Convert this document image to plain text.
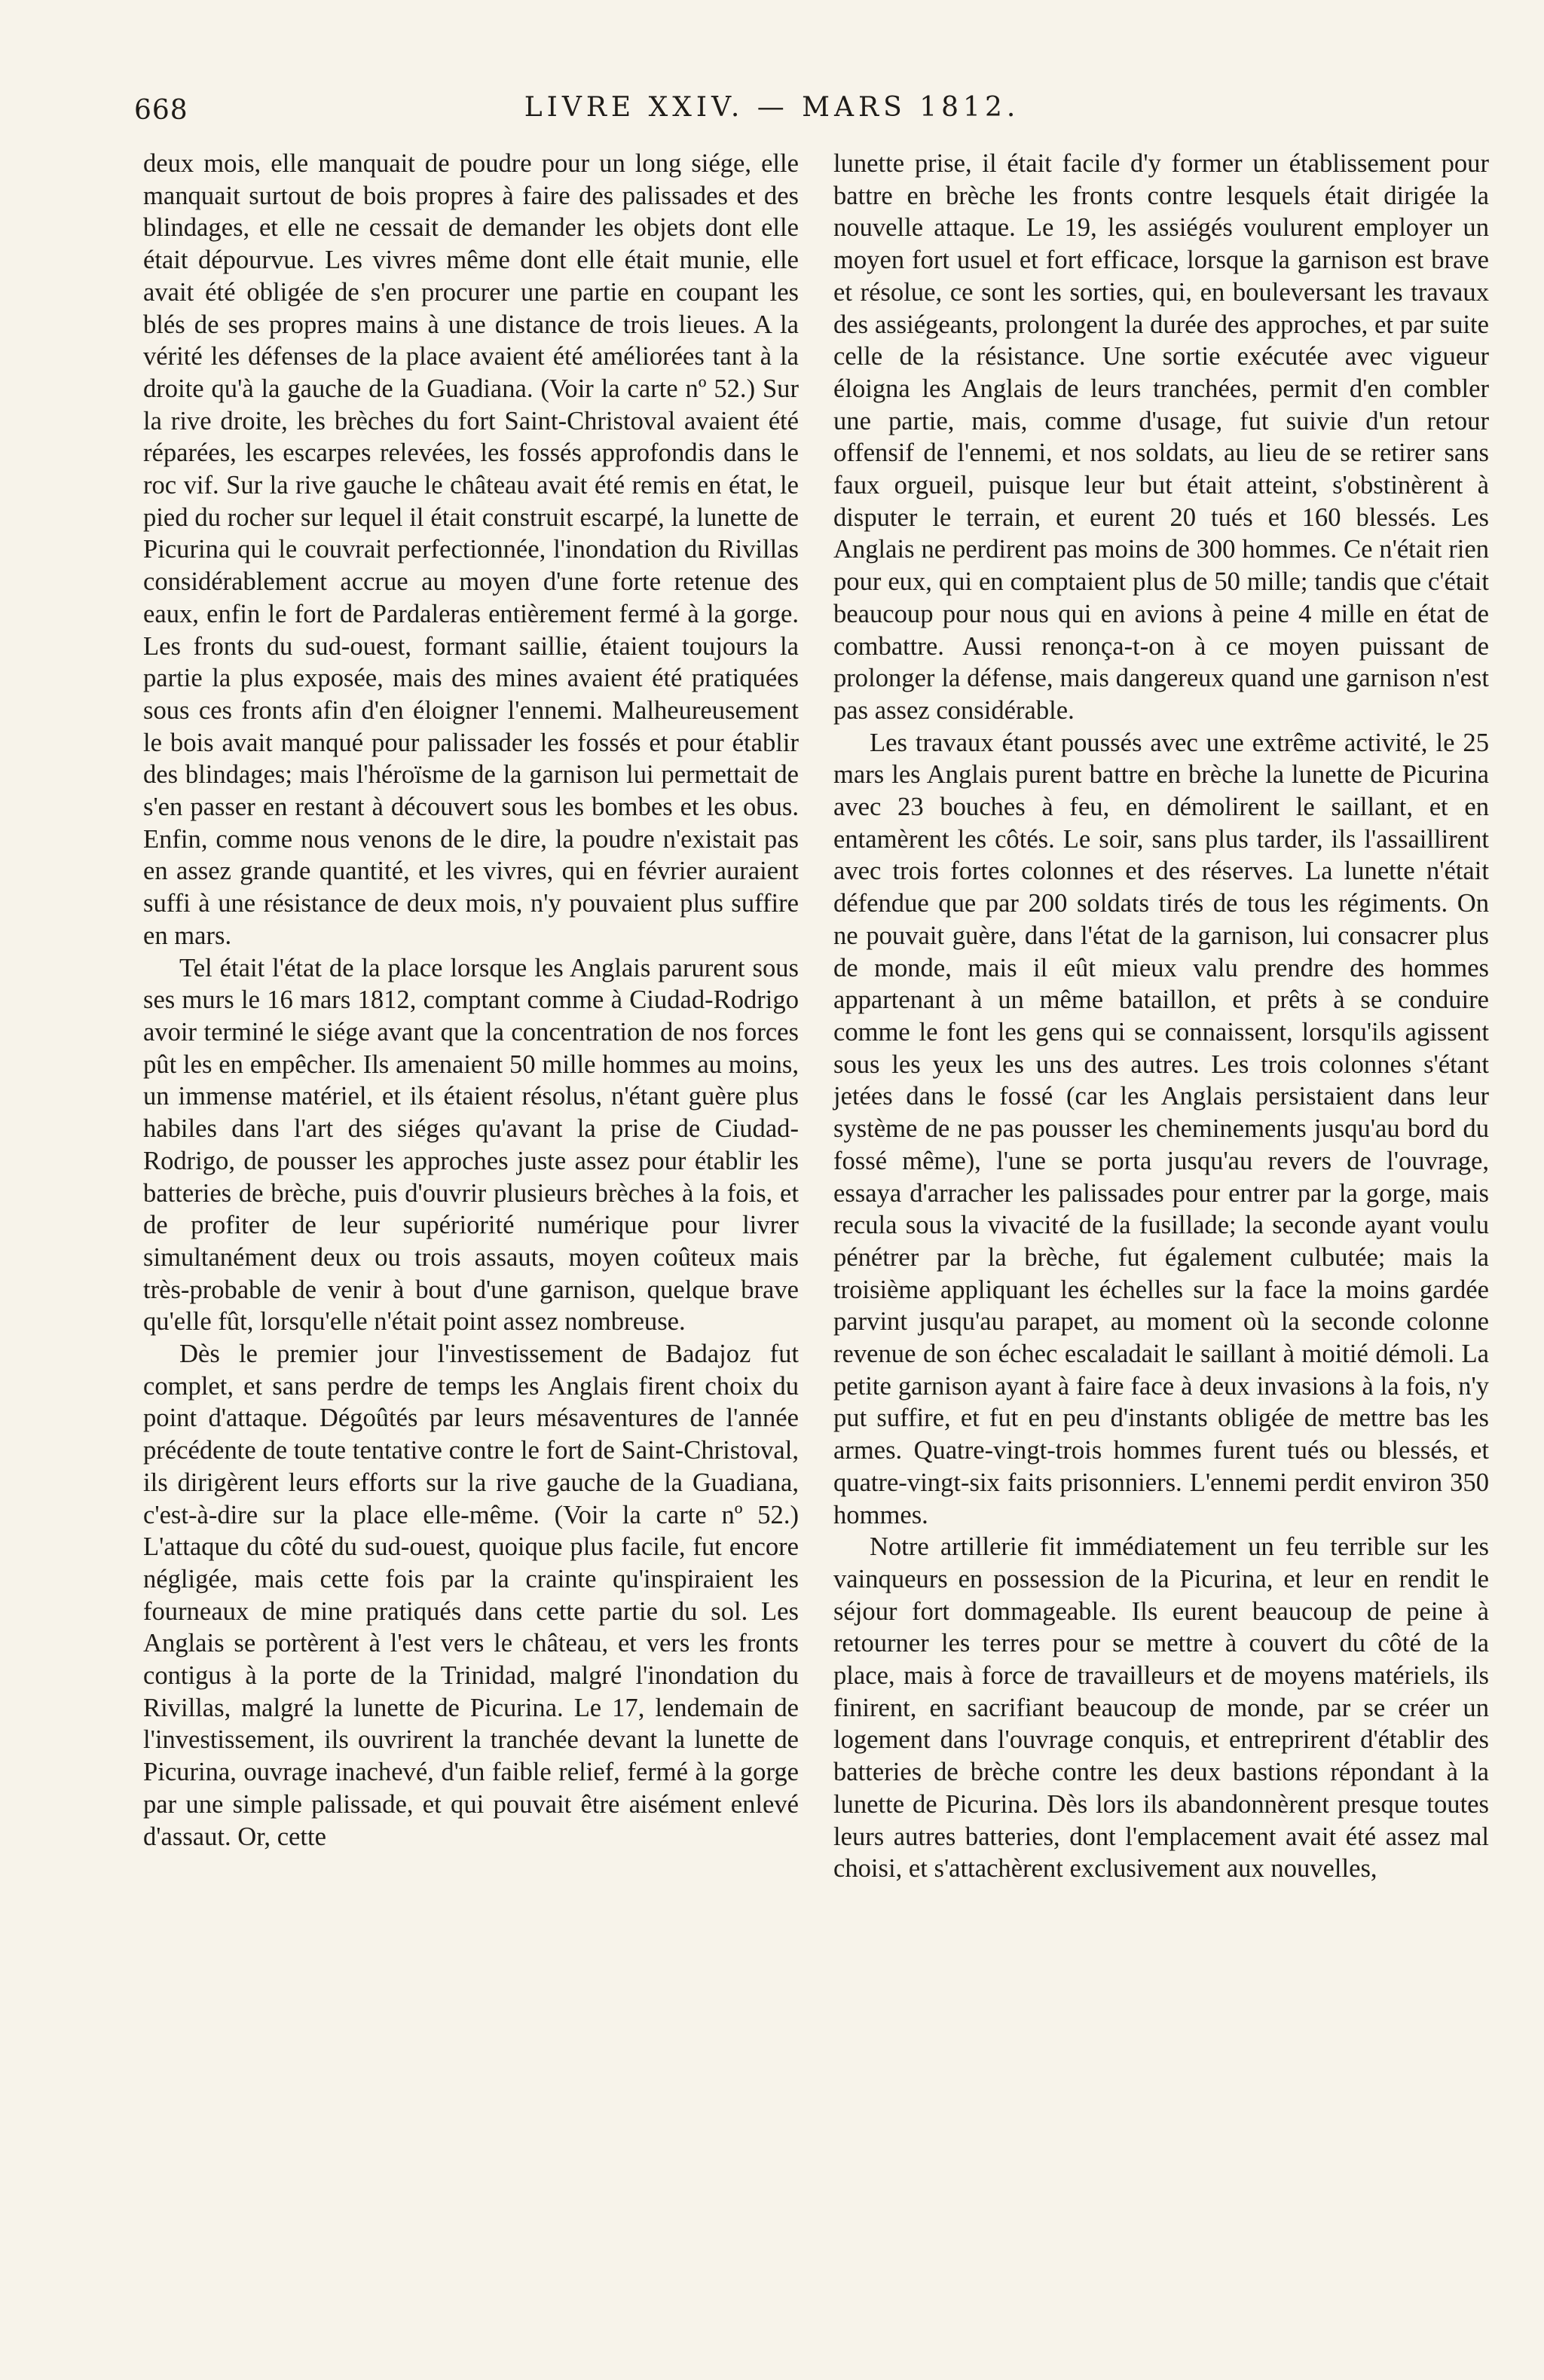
668	LIVRE XXIV. — MARS 1812.

deux mois, elle manquait de poudre pour un long siége, elle manquait surtout de bois propres à faire des palissades et des blindages, et elle ne cessait de demander les objets dont elle était dépourvue. Les vivres même dont elle était munie, elle avait été obligée de s'en procurer une partie en coupant les blés de ses propres mains à une distance de trois lieues. A la vérité les défenses de la place avaient été améliorées tant à la droite qu'à la gauche de la Guadiana. (Voir la carte nº 52.) Sur la rive droite, les brèches du fort Saint-Christoval avaient été réparées, les escarpes relevées, les fossés approfondis dans le roc vif. Sur la rive gauche le château avait été remis en état, le pied du rocher sur lequel il était construit escarpé, la lunette de Picurina qui le couvrait perfectionnée, l'inondation du Rivillas considérablement accrue au moyen d'une forte retenue des eaux, enfin le fort de Pardaleras entièrement fermé à la gorge. Les fronts du sud-ouest, formant saillie, étaient toujours la partie la plus exposée, mais des mines avaient été pratiquées sous ces fronts afin d'en éloigner l'ennemi. Malheureusement le bois avait manqué pour palissader les fossés et pour établir des blindages; mais l'héroïsme de la garnison lui permettait de s'en passer en restant à découvert sous les bombes et les obus. Enfin, comme nous venons de le dire, la poudre n'existait pas en assez grande quantité, et les vivres, qui en février auraient suffi à une résistance de deux mois, n'y pouvaient plus suffire en mars.

Tel était l'état de la place lorsque les Anglais parurent sous ses murs le 16 mars 1812, comptant comme à Ciudad-Rodrigo avoir terminé le siége avant que la concentration de nos forces pût les en empêcher. Ils amenaient 50 mille hommes au moins, un immense matériel, et ils étaient résolus, n'étant guère plus habiles dans l'art des siéges qu'avant la prise de Ciudad-Rodrigo, de pousser les approches juste assez pour établir les batteries de brèche, puis d'ouvrir plusieurs brèches à la fois, et de profiter de leur supériorité numérique pour livrer simultanément deux ou trois assauts, moyen coûteux mais très-probable de venir à bout d'une garnison, quelque brave qu'elle fût, lorsqu'elle n'était point assez nombreuse.

Dès le premier jour l'investissement de Badajoz fut complet, et sans perdre de temps les Anglais firent choix du point d'attaque. Dégoûtés par leurs mésaventures de l'année précédente de toute tentative contre le fort de Saint-Christoval, ils dirigèrent leurs efforts sur la rive gauche de la Guadiana, c'est-à-dire sur la place elle-même. (Voir la carte nº 52.) L'attaque du côté du sud-ouest, quoique plus facile, fut encore négligée, mais cette fois par la crainte qu'inspiraient les fourneaux de mine pratiqués dans cette partie du sol. Les Anglais se portèrent à l'est vers le château, et vers les fronts contigus à la porte de la Trinidad, malgré l'inondation du Rivillas, malgré la lunette de Picurina. Le 17, lendemain de l'investissement, ils ouvrirent la tranchée devant la lunette de Picurina, ouvrage inachevé, d'un faible relief, fermé à la gorge par une simple palissade, et qui pouvait être aisément enlevé d'assaut. Or, cette

lunette prise, il était facile d'y former un établissement pour battre en brèche les fronts contre lesquels était dirigée la nouvelle attaque. Le 19, les assiégés voulurent employer un moyen fort usuel et fort efficace, lorsque la garnison est brave et résolue, ce sont les sorties, qui, en bouleversant les travaux des assiégeants, prolongent la durée des approches, et par suite celle de la résistance. Une sortie exécutée avec vigueur éloigna les Anglais de leurs tranchées, permit d'en combler une partie, mais, comme d'usage, fut suivie d'un retour offensif de l'ennemi, et nos soldats, au lieu de se retirer sans faux orgueil, puisque leur but était atteint, s'obstinèrent à disputer le terrain, et eurent 20 tués et 160 blessés. Les Anglais ne perdirent pas moins de 300 hommes. Ce n'était rien pour eux, qui en comptaient plus de 50 mille; tandis que c'était beaucoup pour nous qui en avions à peine 4 mille en état de combattre. Aussi renonça-t-on à ce moyen puissant de prolonger la défense, mais dangereux quand une garnison n'est pas assez considérable.

Les travaux étant poussés avec une extrême activité, le 25 mars les Anglais purent battre en brèche la lunette de Picurina avec 23 bouches à feu, en démolirent le saillant, et en entamèrent les côtés. Le soir, sans plus tarder, ils l'assaillirent avec trois fortes colonnes et des réserves. La lunette n'était défendue que par 200 soldats tirés de tous les régiments. On ne pouvait guère, dans l'état de la garnison, lui consacrer plus de monde, mais il eût mieux valu prendre des hommes appartenant à un même bataillon, et prêts à se conduire comme le font les gens qui se connaissent, lorsqu'ils agissent sous les yeux les uns des autres. Les trois colonnes s'étant jetées dans le fossé (car les Anglais persistaient dans leur système de ne pas pousser les cheminements jusqu'au bord du fossé même), l'une se porta jusqu'au revers de l'ouvrage, essaya d'arracher les palissades pour entrer par la gorge, mais recula sous la vivacité de la fusillade; la seconde ayant voulu pénétrer par la brèche, fut également culbutée; mais la troisième appliquant les échelles sur la face la moins gardée parvint jusqu'au parapet, au moment où la seconde colonne revenue de son échec escaladait le saillant à moitié démoli. La petite garnison ayant à faire face à deux invasions à la fois, n'y put suffire, et fut en peu d'instants obligée de mettre bas les armes. Quatre-vingt-trois hommes furent tués ou blessés, et quatre-vingt-six faits prisonniers. L'ennemi perdit environ 350 hommes.

Notre artillerie fit immédiatement un feu terrible sur les vainqueurs en possession de la Picurina, et leur en rendit le séjour fort dommageable. Ils eurent beaucoup de peine à retourner les terres pour se mettre à couvert du côté de la place, mais à force de travailleurs et de moyens matériels, ils finirent, en sacrifiant beaucoup de monde, par se créer un logement dans l'ouvrage conquis, et entreprirent d'établir des batteries de brèche contre les deux bastions répondant à la lunette de Picurina. Dès lors ils abandonnèrent presque toutes leurs autres batteries, dont l'emplacement avait été assez mal choisi, et s'attachèrent exclusivement aux nouvelles,
